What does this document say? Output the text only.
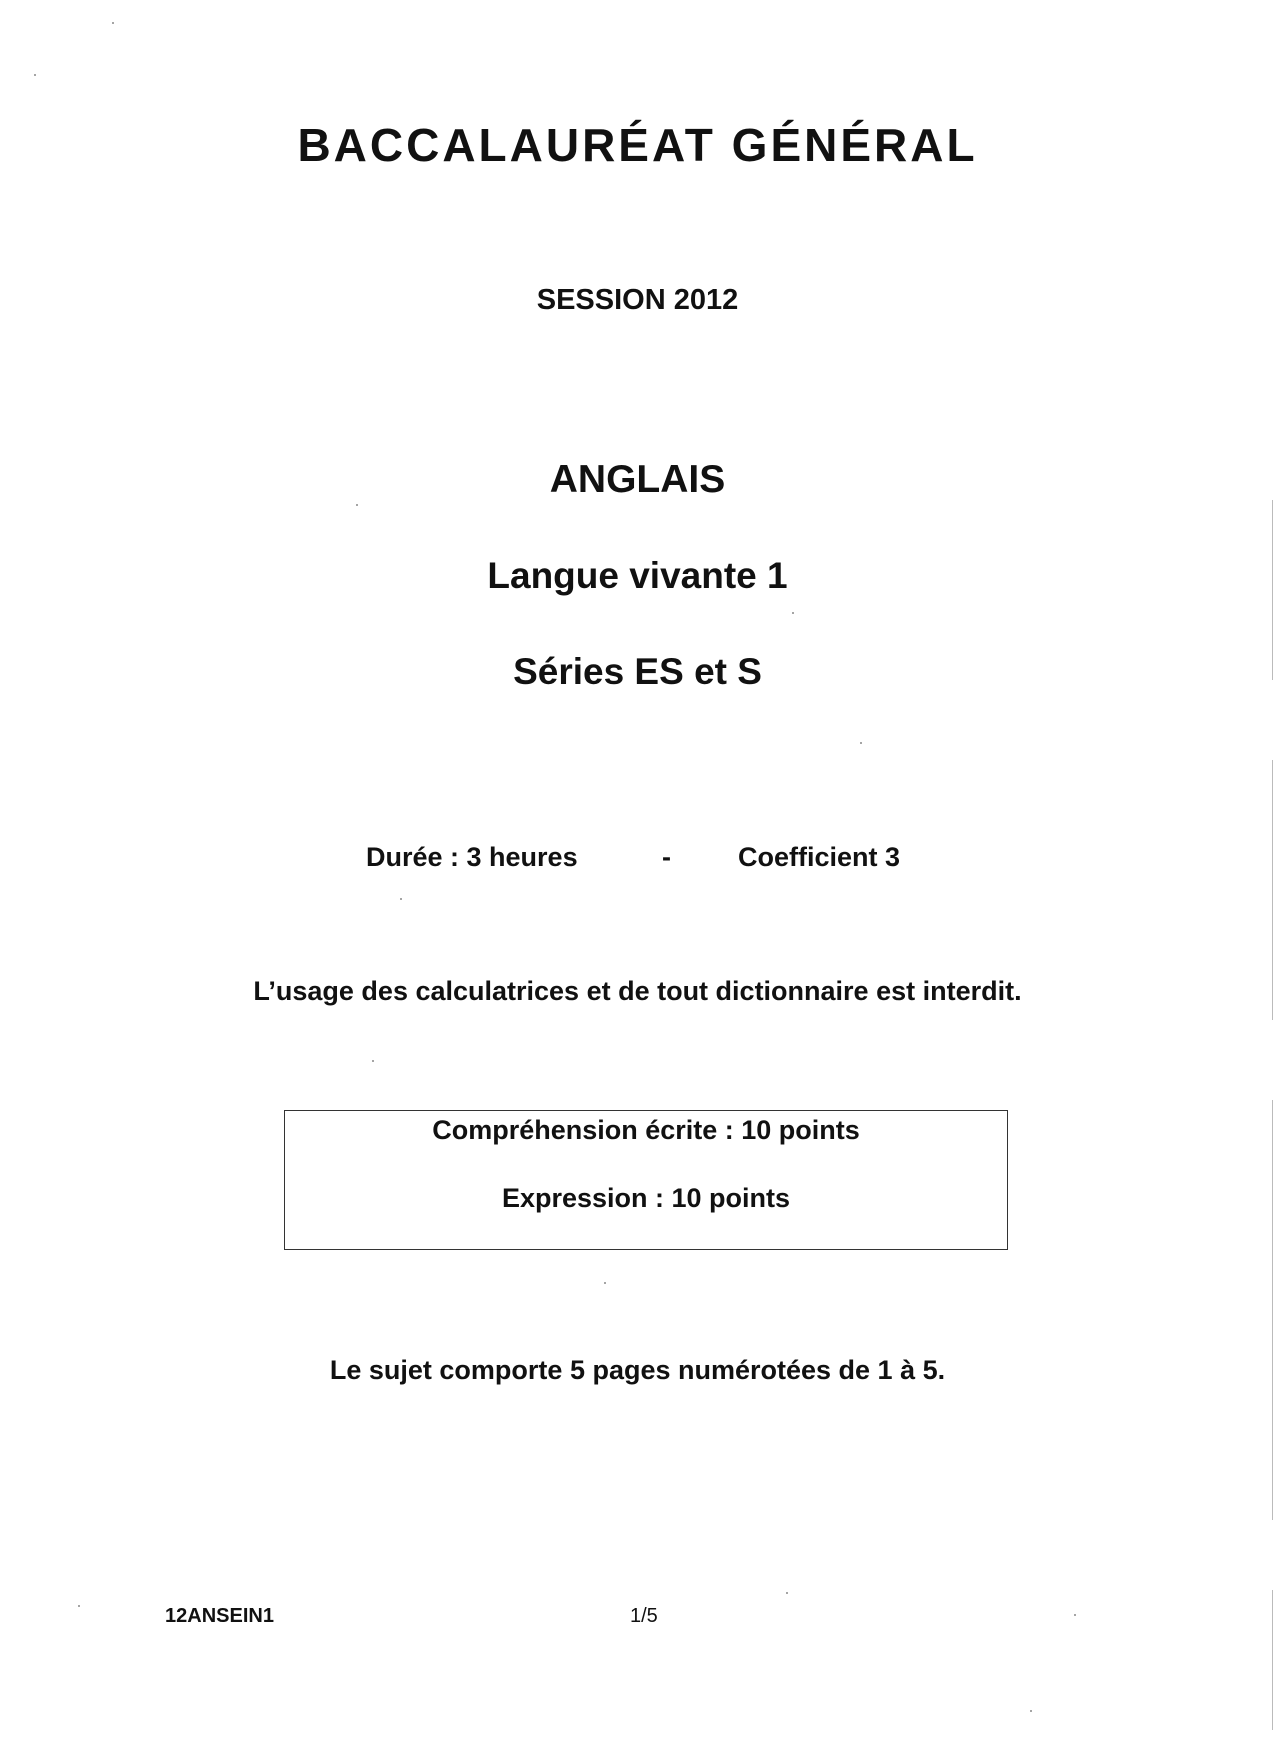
BACCALAURÉAT GÉNÉRAL
SESSION 2012
ANGLAIS
Langue vivante 1
Séries ES et S
Durée : 3 heures	- Coefficient 3
L’usage des calculatrices et de tout dictionnaire est interdit.
Compréhension écrite : 10 points
Expression : 10 points
Le sujet comporte 5 pages numérotées de 1 à 5.
12ANSEIN1	1/5
